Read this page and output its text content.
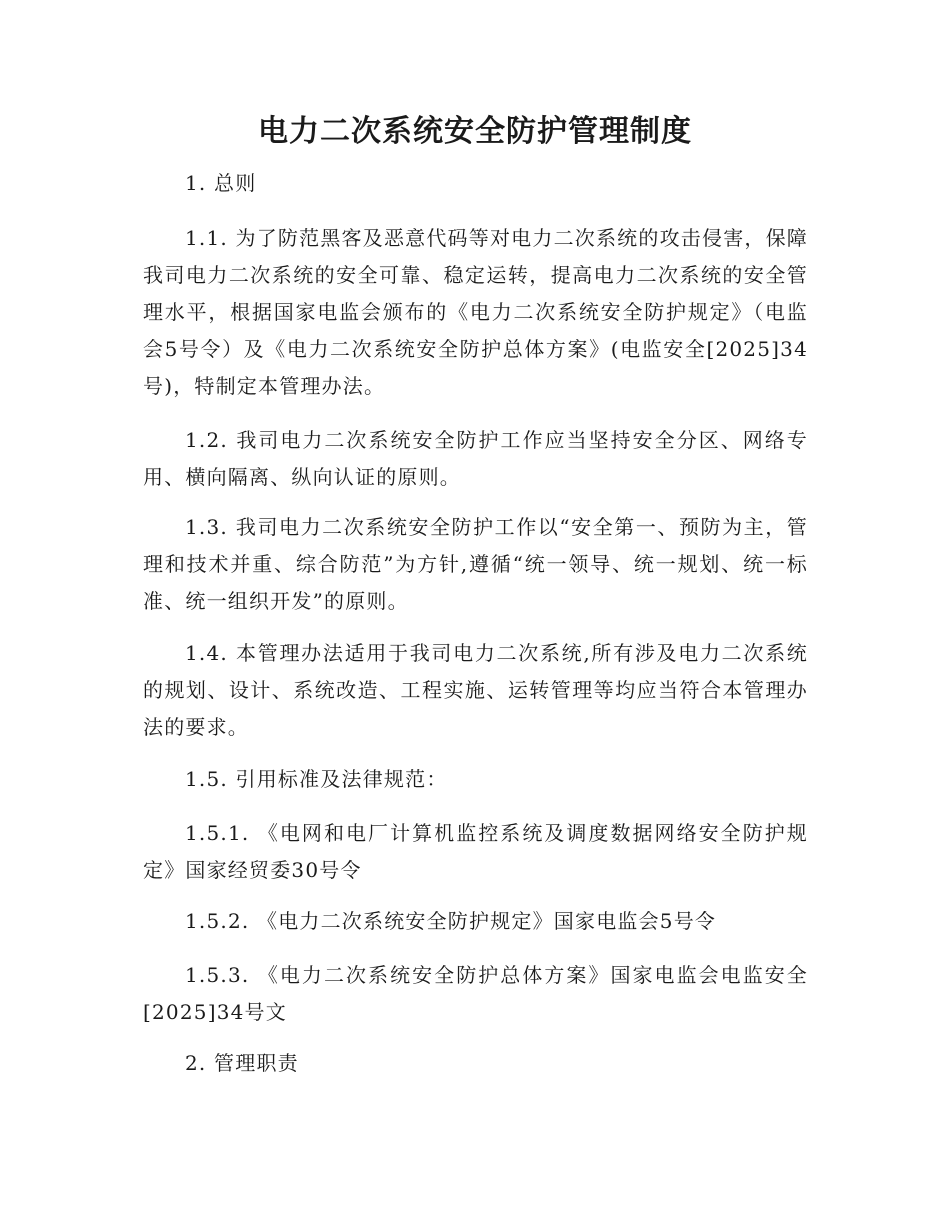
电力二次系统安全防护管理制度

1. 总则

1.1. 为了防范黑客及恶意代码等对电力二次系统的攻击侵害，保障我司电力二次系统的安全可靠、稳定运转，提高电力二次系统的安全管理水平，根据国家电监会颁布的《电力二次系统安全防护规定》（电监会5号令）及《电力二次系统安全防护总体方案》(电监安全[2025]34号)，特制定本管理办法。

1.2. 我司电力二次系统安全防护工作应当坚持安全分区、网络专用、横向隔离、纵向认证的原则。

1.3. 我司电力二次系统安全防护工作以“安全第一、预防为主，管理和技术并重、综合防范”为方针,遵循“统一领导、统一规划、统一标准、统一组织开发”的原则。

1.4. 本管理办法适用于我司电力二次系统,所有涉及电力二次系统的规划、设计、系统改造、工程实施、运转管理等均应当符合本管理办法的要求。

1.5. 引用标准及法律规范：

1.5.1. 《电网和电厂计算机监控系统及调度数据网络安全防护规定》国家经贸委30号令

1.5.2. 《电力二次系统安全防护规定》国家电监会5号令

1.5.3. 《电力二次系统安全防护总体方案》国家电监会电监安全[2025]34号文

2. 管理职责
